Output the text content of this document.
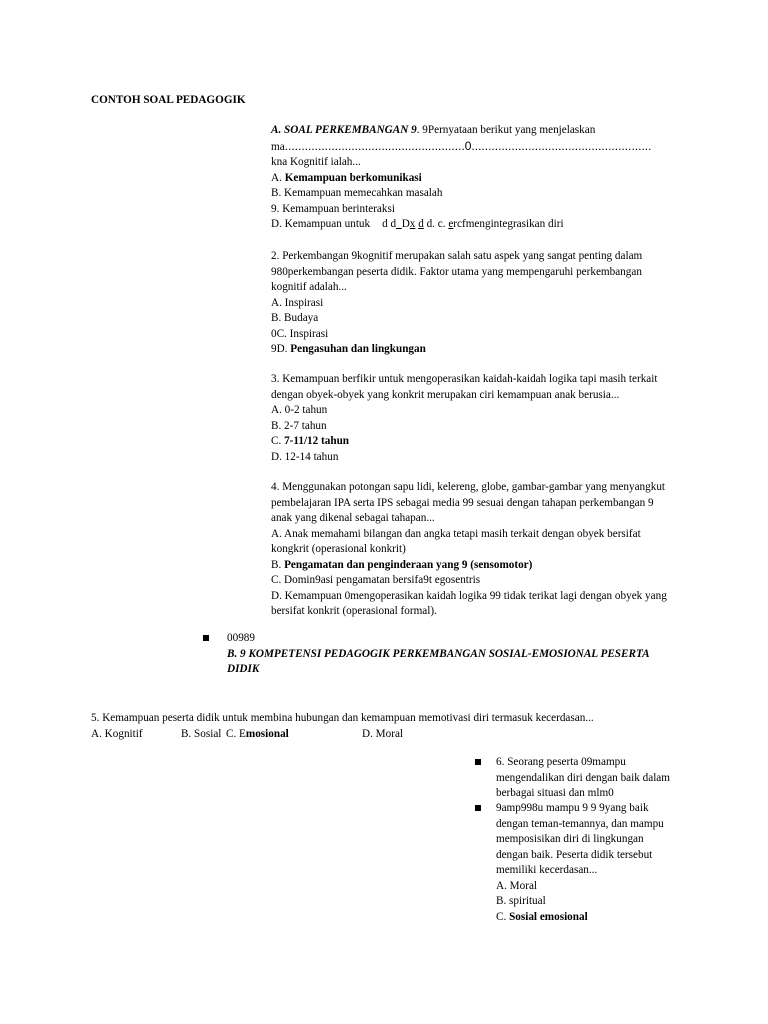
CONTOH SOAL PEDAGOGIK
A. SOAL PERKEMBANGAN 9. 9Pernyataan berikut yang menjelaskan
ma......................................................0......................................................
kna Kognitif ialah...
A. Kemampuan berkomunikasi
B. Kemampuan memecahkan masalah
9. Kemampuan berinteraksi
D. Kemampuan untuk d d_Dx d d. c. ercfmengintegrasikan diri
2. Perkembangan 9kognitif merupakan salah satu aspek yang sangat penting dalam
980perkembangan peserta didik. Faktor utama yang mempengaruhi perkembangan
kognitif adalah...
A. Inspirasi
B. Budaya
0C. Inspirasi
9D. Pengasuhan dan lingkungan
3. Kemampuan berfikir untuk mengoperasikan kaidah-kaidah logika tapi masih terkait
dengan obyek-obyek yang konkrit merupakan ciri kemampuan anak berusia...
A. 0-2 tahun
B. 2-7 tahun
C. 7-11/12 tahun
D. 12-14 tahun
4. Menggunakan potongan sapu lidi, kelereng, globe, gambar-gambar yang menyangkut
pembelajaran IPA serta IPS sebagai media 99 sesuai dengan tahapan perkembangan 9
anak yang dikenal sebagai tahapan...
A. Anak memahami bilangan dan angka tetapi masih terkait dengan obyek bersifat
kongkrit (operasional konkrit)
B. Pengamatan dan penginderaan yang 9 (sensomotor)
C. Domin9asi pengamatan bersifa9t egosentris
D. Kemampuan 0mengoperasikan kaidah logika 99 tidak terikat lagi dengan obyek yang
bersifat konkrit (operasional formal).
00989
B. 9 KOMPETENSI PEDAGOGIK PERKEMBANGAN SOSIAL-EMOSIONAL PESERTA
DIDIK
5. Kemampuan peserta didik untuk membina hubungan dan kemampuan memotivasi diri termasuk kecerdasan...
A. Kognitif	B. Sosial C. Emosional	D. Moral
6. Seorang peserta 09mampu
mengendalikan diri dengan baik dalam
berbagai situasi dan mlm0
9amp998u mampu 9 9 9yang baik
dengan teman-temannya, dan mampu
memposisikan diri di lingkungan
dengan baik. Peserta didik tersebut
memiliki kecerdasan...
A. Moral
B. spiritual
C. Sosial emosional
